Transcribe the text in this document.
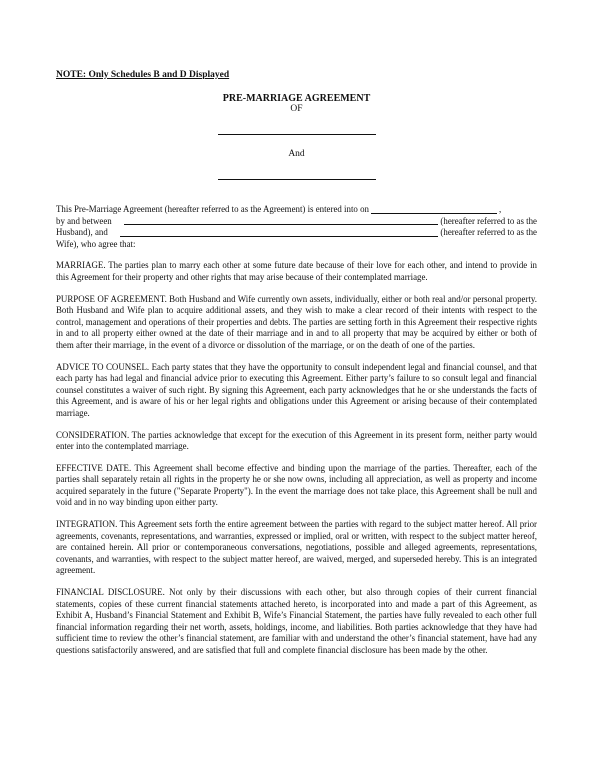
NOTE: Only Schedules B and D Displayed
PRE-MARRIAGE AGREEMENT
OF
And
This Pre-Marriage Agreement (hereafter referred to as the Agreement) is entered into on	,
by and between	(hereafter referred to as the
Husband), and	(hereafter referred to as the
Wife), who agree that:

MARRIAGE. The parties plan to marry each other at some future date because of their love for each other, and intend to provide in this Agreement for their property and other rights that may arise because of their contemplated marriage.

PURPOSE OF AGREEMENT. Both Husband and Wife currently own assets, individually, either or both real and/or personal property. Both Husband and Wife plan to acquire additional assets, and they wish to make a clear record of their intents with respect to the control, management and operations of their properties and debts. The parties are setting forth in this Agreement their respective rights in and to all property either owned at the date of their marriage and in and to all property that may be acquired by either or both of them after their marriage, in the event of a divorce or dissolution of the marriage, or on the death of one of the parties.

ADVICE TO COUNSEL. Each party states that they have the opportunity to consult independent legal and financial counsel, and that each party has had legal and financial advice prior to executing this Agreement. Either party’s failure to so consult legal and financial counsel constitutes a waiver of such right. By signing this Agreement, each party acknowledges that he or she understands the facts of this Agreement, and is aware of his or her legal rights and obligations under this Agreement or arising because of their contemplated marriage.

CONSIDERATION. The parties acknowledge that except for the execution of this Agreement in its present form, neither party would enter into the contemplated marriage.

EFFECTIVE DATE. This Agreement shall become effective and binding upon the marriage of the parties. Thereafter, each of the parties shall separately retain all rights in the property he or she now owns, including all appreciation, as well as property and income acquired separately in the future ("Separate Property"). In the event the marriage does not take place, this Agreement shall be null and void and in no way binding upon either party.

INTEGRATION. This Agreement sets forth the entire agreement between the parties with regard to the subject matter hereof. All prior agreements, covenants, representations, and warranties, expressed or implied, oral or written, with respect to the subject matter hereof, are contained herein. All prior or contemporaneous conversations, negotiations, possible and alleged agreements, representations, covenants, and warranties, with respect to the subject matter hereof, are waived, merged, and superseded hereby. This is an integrated agreement.

FINANCIAL DISCLOSURE. Not only by their discussions with each other, but also through copies of their current financial statements, copies of these current financial statements attached hereto, is incorporated into and made a part of this Agreement, as Exhibit A, Husband’s Financial Statement and Exhibit B, Wife’s Financial Statement, the parties have fully revealed to each other full financial information regarding their net worth, assets, holdings, income, and liabilities. Both parties acknowledge that they have had sufficient time to review the other’s financial statement, are familiar with and understand the other’s financial statement, have had any questions satisfactorily answered, and are satisfied that full and complete financial disclosure has been made by the other.
